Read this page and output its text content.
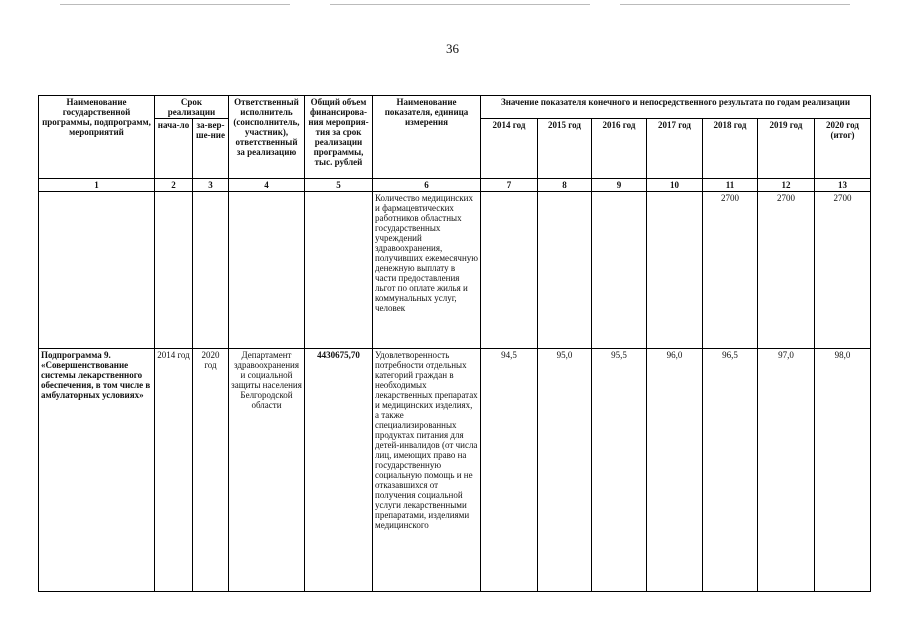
36
Наименование государственной программы, подпрограмм, мероприятий	Срок реализации		Ответственный исполнитель (соисполнитель, участник), ответственный за реализацию	Общий объем финансирова-ния мероприя-тия за срок реализации программы, тыс. рублей	Наименование показателя, единица измерения	Значение показателя конечного и непосредственного результата по годам реализации						
	нача-ло	за-вер-ше-ние				2014 год	2015 год	2016 год	2017 год	2018 год	2019 год	2020 год (итог)
1	2	3	4	5	6	7	8	9	10	11	12	13
					Количество медицинских и фармацевтических работников областных государственных учреждений здравоохранения, получивших ежемесячную денежную выплату в части предоставления льгот по оплате жилья и коммунальных услуг, человек					2700	2700	2700
Подпрограмма 9. «Совершенствование системы лекарственного обеспечения, в том числе в амбулаторных условиях»	2014 год	2020 год	Департамент здравоохранения и социальной защиты населения Белгородской области	4430675,70	Удовлетворенность потребности отдельных категорий граждан в необходимых лекарственных препаратах и медицинских изделиях, а также специализированных продуктах питания для детей-инвалидов (от числа лиц, имеющих право на государственную социальную помощь и не отказавшихся от получения социальной услуги лекарственными препаратами, изделиями медицинского	94,5	95,0	95,5	96,0	96,5	97,0	98,0
